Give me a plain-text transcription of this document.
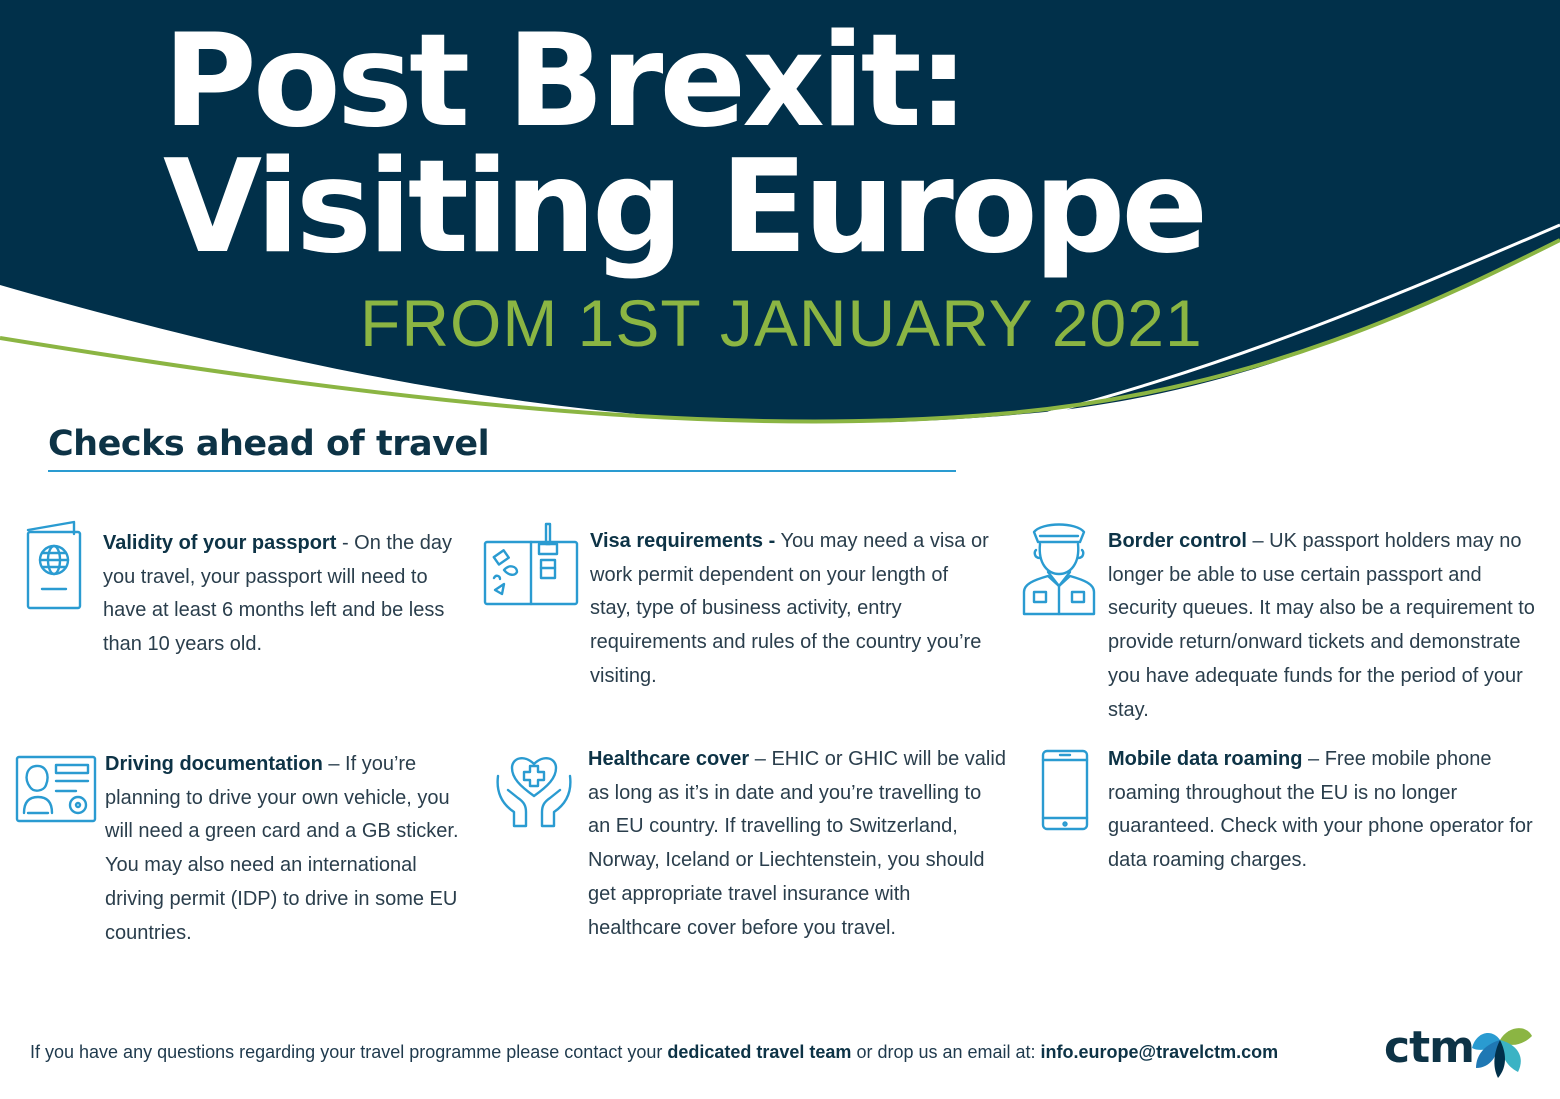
Post Brexit:
Visiting Europe
FROM 1ST JANUARY 2021
Checks ahead of travel

Validity of your passport - On the day you travel, your passport will need to have at least 6 months left and be less than 10 years old.

Visa requirements - You may need a visa or work permit dependent on your length of stay, type of business activity, entry requirements and rules of the country you’re visiting.

Border control – UK passport holders may no longer be able to use certain passport and security queues. It may also be a requirement to provide return/onward tickets and demonstrate you have adequate funds for the period of your stay.

Driving documentation – If you’re planning to drive your own vehicle, you will need a green card and a GB sticker. You may also need an international driving permit (IDP) to drive in some EU countries.

Healthcare cover – EHIC or GHIC will be valid as long as it’s in date and you’re travelling to an EU country. If travelling to Switzerland, Norway, Iceland or Liechtenstein, you should get appropriate travel insurance with healthcare cover before you travel.

Mobile data roaming – Free mobile phone roaming throughout the EU is no longer guaranteed. Check with your phone operator for data roaming charges.

If you have any questions regarding your travel programme please contact your dedicated travel team or drop us an email at: info.europe@travelctm.com ctm
